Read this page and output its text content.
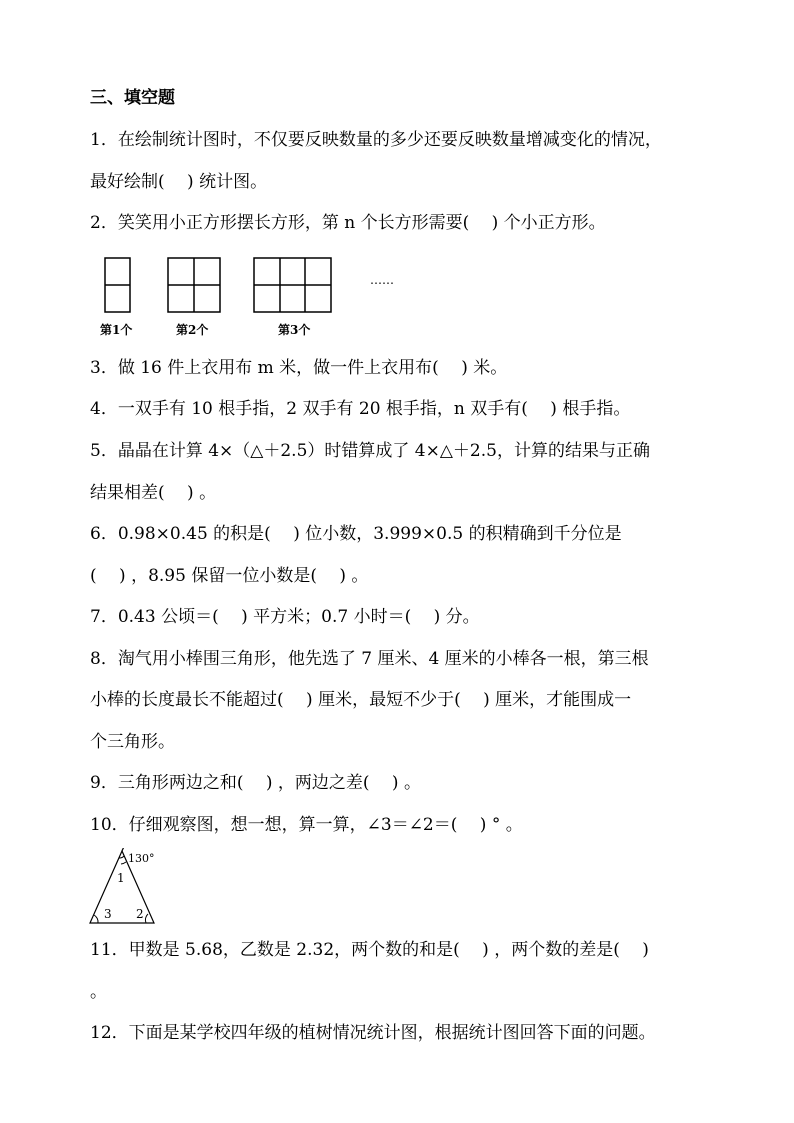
三、填空题
1．在绘制统计图时，不仅要反映数量的多少还要反映数量增减变化的情况，
最好绘制(　 ) 统计图。
2．笑笑用小正方形摆长方形，第 n 个长方形需要(　 ) 个小正方形。
……
第1个	第2个	第3个
3．做 16 件上衣用布 m 米，做一件上衣用布(　 ) 米。
4．一双手有 10 根手指，2 双手有 20 根手指，n 双手有(　 ) 根手指。
5．晶晶在计算 4×（△＋2.5）时错算成了 4×△＋2.5，计算的结果与正确
结果相差(　 ) 。
6．0.98×0.45 的积是(　 ) 位小数，3.999×0.5 的积精确到千分位是
(　 ) ，8.95 保留一位小数是(　 ) 。
7．0.43 公顷＝(　 ) 平方米；0.7 小时＝(　 ) 分。
8．淘气用小棒围三角形，他先选了 7 厘米、4 厘米的小棒各一根，第三根
小棒的长度最长不能超过(　 ) 厘米，最短不少于(　 ) 厘米，才能围成一
个三角形。
9．三角形两边之和(　 ) ，两边之差(　 ) 。
10．仔细观察图，想一想，算一算，∠3＝∠2＝(　 ) ° 。
130°
1
3 2
11．甲数是 5.68，乙数是 2.32，两个数的和是(　 ) ，两个数的差是(　 )
。
12．下面是某学校四年级的植树情况统计图，根据统计图回答下面的问题。
